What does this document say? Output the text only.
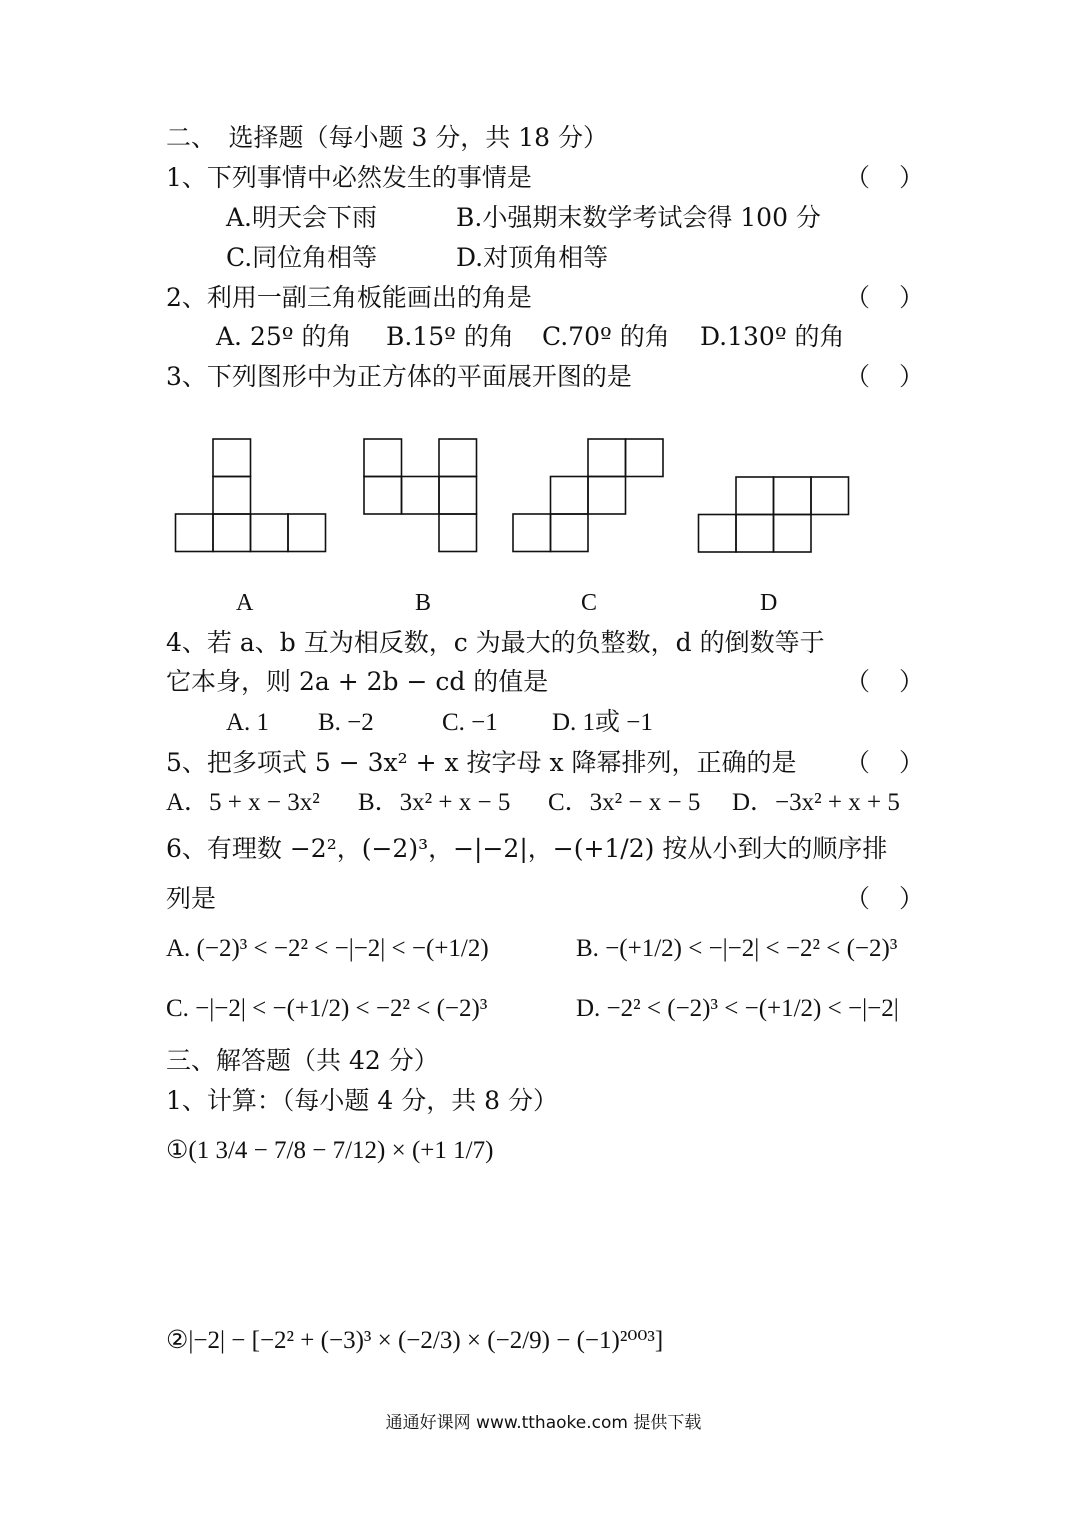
二、　选择题（每小题 3 分，共 18 分）
1、下列事情中必然发生的事情是	（　）
A.明天会下雨	B.小强期末数学考试会得 100 分
C.同位角相等	D.对顶角相等
2、利用一副三角板能画出的角是	（　）
A. 25º 的角 B.15º 的角 C.70º 的角 D.130º 的角
3、下列图形中为正方体的平面展开图的是	（　）
A	B	C	D
4、若 a、b 互为相反数，c 为最大的负整数，d 的倒数等于
它本身，则 2a + 2b − cd 的值是	（　）
A. 1 B. −2	C. −1 D. 1或 −1
5、把多项式 5 − 3x² + x 按字母 x 降幂排列，正确的是 （　）
A．5 + x − 3x² B．3x² + x − 5 C．3x² − x − 5 D．−3x² + x + 5
6、有理数 −2²，(−2)³，−|−2|，−(+1/2) 按从小到大的顺序排
列是	（　）
A. (−2)³ < −2² < −|−2| < −(+1/2)	B. −(+1/2) < −|−2| < −2² < (−2)³
C. −|−2| < −(+1/2) < −2² < (−2)³	D. −2² < (−2)³ < −(+1/2) < −|−2|
三、解答题（共 42 分）
1、计算：（每小题 4 分，共 8 分）
①(1 3/4 − 7/8 − 7/12) × (+1 1/7)
②|−2| − [−2² + (−3)³ × (−2/3) × (−2/9) − (−1)²⁰⁰³]
通通好课网 www.tthaoke.com 提供下载
